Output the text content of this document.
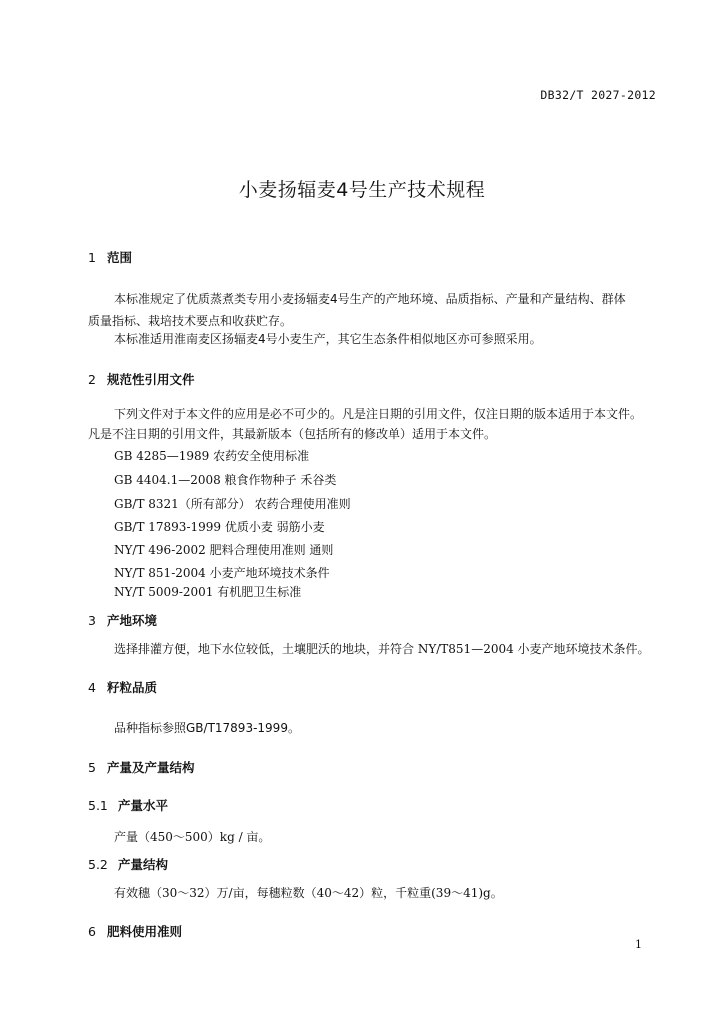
DB32/T 2027-2012
小麦扬辐麦4号生产技术规程
1 范围
本标准规定了优质蒸煮类专用小麦扬辐麦4号生产的产地环境、品质指标、产量和产量结构、群体
质量指标、栽培技术要点和收获贮存。
本标准适用淮南麦区扬辐麦4号小麦生产，其它生态条件相似地区亦可参照采用。
2 规范性引用文件
下列文件对于本文件的应用是必不可少的。凡是注日期的引用文件，仅注日期的版本适用于本文件。
凡是不注日期的引用文件，其最新版本（包括所有的修改单）适用于本文件。
GB 4285—1989 农药安全使用标准
GB 4404.1—2008 粮食作物种子 禾谷类
GB/T 8321（所有部分） 农药合理使用准则
GB/T 17893-1999 优质小麦 弱筋小麦
NY/T 496-2002 肥料合理使用准则 通则
NY/T 851-2004 小麦产地环境技术条件
NY/T 5009-2001 有机肥卫生标准
3 产地环境
选择排灌方便，地下水位较低，土壤肥沃的地块，并符合 NY/T851—2004 小麦产地环境技术条件。
4 籽粒品质
品种指标参照GB/T17893-1999。
5 产量及产量结构
5.1 产量水平
产量（450～500）kg / 亩。
5.2 产量结构
有效穗（30～32）万/亩，每穗粒数（40～42）粒，千粒重(39～41)g。
6 肥料使用准则
1
